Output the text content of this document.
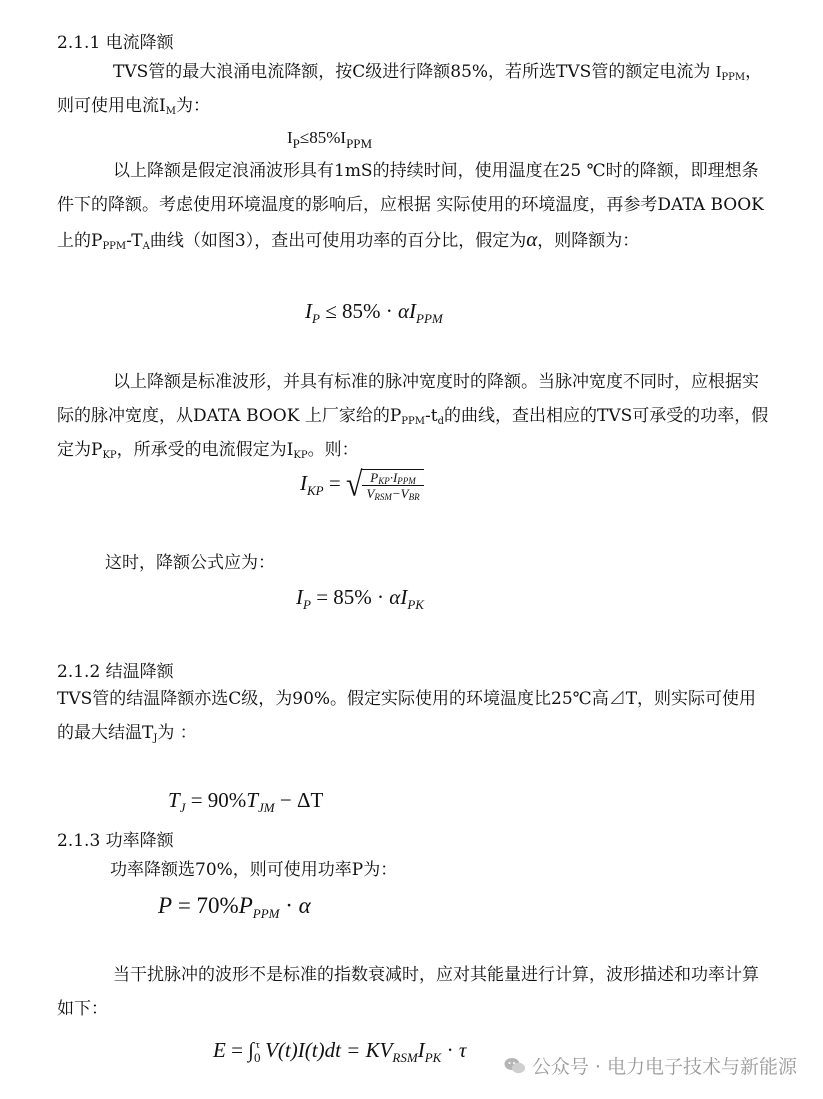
2.1.1 电流降额

TVS管的最大浪涌电流降额，按C级进行降额85%，若所选TVS管的额定电流为 $I_{PPM}$，则可使用电流$I_M$为：

$I_P\le 85\%I_{PPM}$

以上降额是假定浪涌波形具有1mS的持续时间，使用温度在25 ℃时的降额，即理想条件下的降额。考虑使用环境温度的影响后，应根据 实际使用的环境温度，再参考DATA BOOK 上的PPPM-$T_A$曲线（如图3），查出可使用功率的百分比，假定为α，则降额为：

$I_P \le 85\% \cdot \alpha I_{PPM}$

以上降额是标准波形，并具有标准的脉冲宽度时的降额。当脉冲宽度不同时，应根据实际的脉冲宽度，从DATA BOOK 上厂家给的$P_{PPM}-t_d$的曲线，查出相应的TVS可承受的功率，假定为$P_{KP}$，所承受的电流假定为$I_{KP}$。则：

$I_{KP}$ = √ $\frac{P_{KP}\cdot I_{PPM}}{V_{RSM}-V_{BR}}$
这时，降额公式应为：
$I_P = 85\% \cdot \alpha I_{PK}$
2.1.2 结温降额

TVS管的结温降额亦选C级，为90%。假定实际使用的环境温度比25℃高⊿T，则实际可使用的最大结温$T_J$为 ：

$T_J = 90\%T_{JM} - \Delta T$
2.1.3 功率降额
功率降额选70%，则可使用功率P为：
$P = 70\%P_{PPM} \cdot \alpha$

当干扰脉冲的波形不是标准的指数衰减时，应对其能量进行计算，波形描述和功率计算如下：

$E = \int_0^\tau$ $V(t)I(t)dt = KV_{RSM}I_{PK} \cdot \tau$
公众号 · 电力电子技术与新能源
